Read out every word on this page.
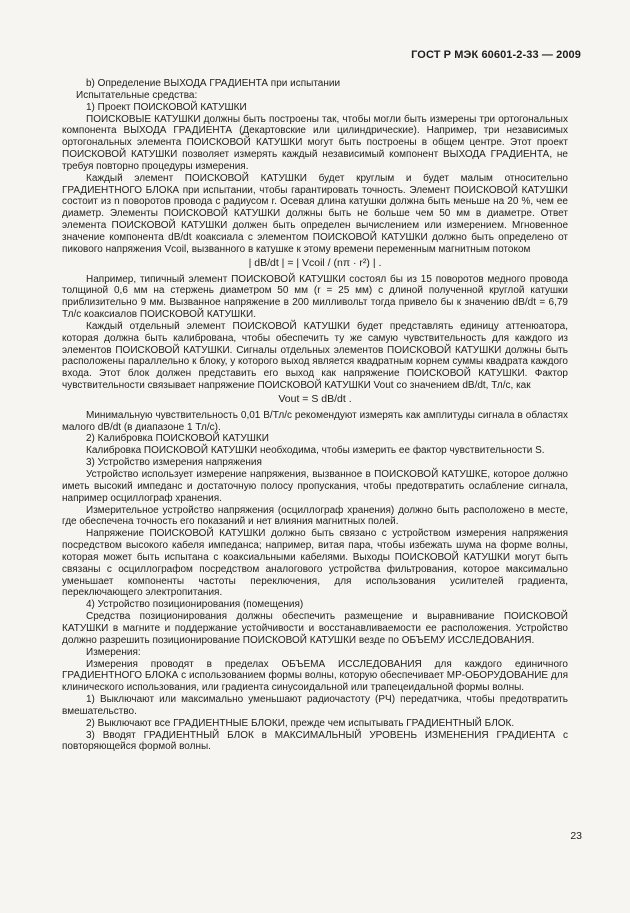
ГОСТ Р МЭК 60601-2-33 — 2009

b) Определение ВЫХОДА ГРАДИЕНТА при испытании

Испытательные средства:

1) Проект ПОИСКОВОЙ КАТУШКИ

ПОИСКОВЫЕ КАТУШКИ должны быть построены так, чтобы могли быть измерены три ортогональных компонента ВЫХОДА ГРАДИЕНТА (Декартовские или цилиндрические). Например, три независимых ортогональных элемента ПОИСКОВОЙ КАТУШКИ могут быть построены в общем центре. Этот проект ПОИСКОВОЙ КАТУШКИ позволяет измерять каждый независимый компонент ВЫХОДА ГРАДИЕНТА, не требуя повторно процедуры измерения.

Каждый элемент ПОИСКОВОЙ КАТУШКИ будет круглым и будет малым относительно ГРАДИЕНТНОГО БЛОКА при испытании, чтобы гарантировать точность. Элемент ПОИСКОВОЙ КАТУШКИ состоит из n поворотов провода с радиусом r. Осевая длина катушки должна быть меньше на 20 %, чем ее диаметр. Элементы ПОИСКОВОЙ КАТУШКИ должны быть не больше чем 50 мм в диаметре. Ответ элемента ПОИСКОВОЙ КАТУШКИ должен быть определен вычислением или измерением. Мгновенное значение компонента dB/dt коаксиала с элементом ПОИСКОВОЙ КАТУШКИ должно быть определено от пикового напряжения Vcoil, вызванного в катушке к этому времени переменным магнитным потоком

| dB/dt | = | Vcoil / (nπ · r²) | .

Например, типичный элемент ПОИСКОВОЙ КАТУШКИ состоял бы из 15 поворотов медного провода толщиной 0,6 мм на стержень диаметром 50 мм (r = 25 мм) с длиной полученной круглой катушки приблизительно 9 мм. Вызванное напряжение в 200 милливольт тогда привело бы к значению dB/dt = 6,79 Тл/с коаксиалов ПОИСКОВОЙ КАТУШКИ.

Каждый отдельный элемент ПОИСКОВОЙ КАТУШКИ будет представлять единицу аттенюатора, которая должна быть калибрована, чтобы обеспечить ту же самую чувствительность для каждого из элементов ПОИСКОВОЙ КАТУШКИ. Сигналы отдельных элементов ПОИСКОВОЙ КАТУШКИ должны быть расположены параллельно к блоку, у которого выход является квадратным корнем суммы квадрата каждого входа. Этот блок должен представить его выход как напряжение ПОИСКОВОЙ КАТУШКИ. Фактор чувствительности связывает напряжение ПОИСКОВОЙ КАТУШКИ Vout со значением dB/dt, Тл/с, как

Vout = S dB/dt .

Минимальную чувствительность 0,01 В/Тл/с рекомендуют измерять как амплитуды сигнала в областях малого dB/dt (в диапазоне 1 Тл/с).

2) Калибровка ПОИСКОВОЙ КАТУШКИ

Калибровка ПОИСКОВОЙ КАТУШКИ необходима, чтобы измерить ее фактор чувствительности S.

3) Устройство измерения напряжения

Устройство использует измерение напряжения, вызванное в ПОИСКОВОЙ КАТУШКЕ, которое должно иметь высокий импеданс и достаточную полосу пропускания, чтобы предотвратить ослабление сигнала, например осциллограф хранения.

Измерительное устройство напряжения (осциллограф хранения) должно быть расположено в месте, где обеспечена точность его показаний и нет влияния магнитных полей.

Напряжение ПОИСКОВОЙ КАТУШКИ должно быть связано с устройством измерения напряжения посредством высокого кабеля импеданса; например, витая пара, чтобы избежать шума на форме волны, которая может быть испытана с коаксиальными кабелями. Выходы ПОИСКОВОЙ КАТУШКИ могут быть связаны с осциллографом посредством аналогового устройства фильтрования, которое максимально уменьшает компоненты частоты переключения, для использования усилителей градиента, переключающего электропитания.

4) Устройство позиционирования (помещения)

Средства позиционирования должны обеспечить размещение и выравнивание ПОИСКОВОЙ КАТУШКИ в магните и поддержание устойчивости и восстанавливаемости ее расположения. Устройство должно разрешить позиционирование ПОИСКОВОЙ КАТУШКИ везде по ОБЪЕМУ ИССЛЕДОВАНИЯ.

Измерения:

Измерения проводят в пределах ОБЪЕМА ИССЛЕДОВАНИЯ для каждого единичного ГРАДИЕНТНОГО БЛОКА с использованием формы волны, которую обеспечивает МР-ОБОРУДОВАНИЕ для клинического использования, или градиента синусоидальной или трапецеидальной формы волны.

1) Выключают или максимально уменьшают радиочастоту (РЧ) передатчика, чтобы предотвратить вмешательство.

2) Выключают все ГРАДИЕНТНЫЕ БЛОКИ, прежде чем испытывать ГРАДИЕНТНЫЙ БЛОК.

3) Вводят ГРАДИЕНТНЫЙ БЛОК в МАКСИМАЛЬНЫЙ УРОВЕНЬ ИЗМЕНЕНИЯ ГРАДИЕНТА с повторяющейся формой волны.

23
